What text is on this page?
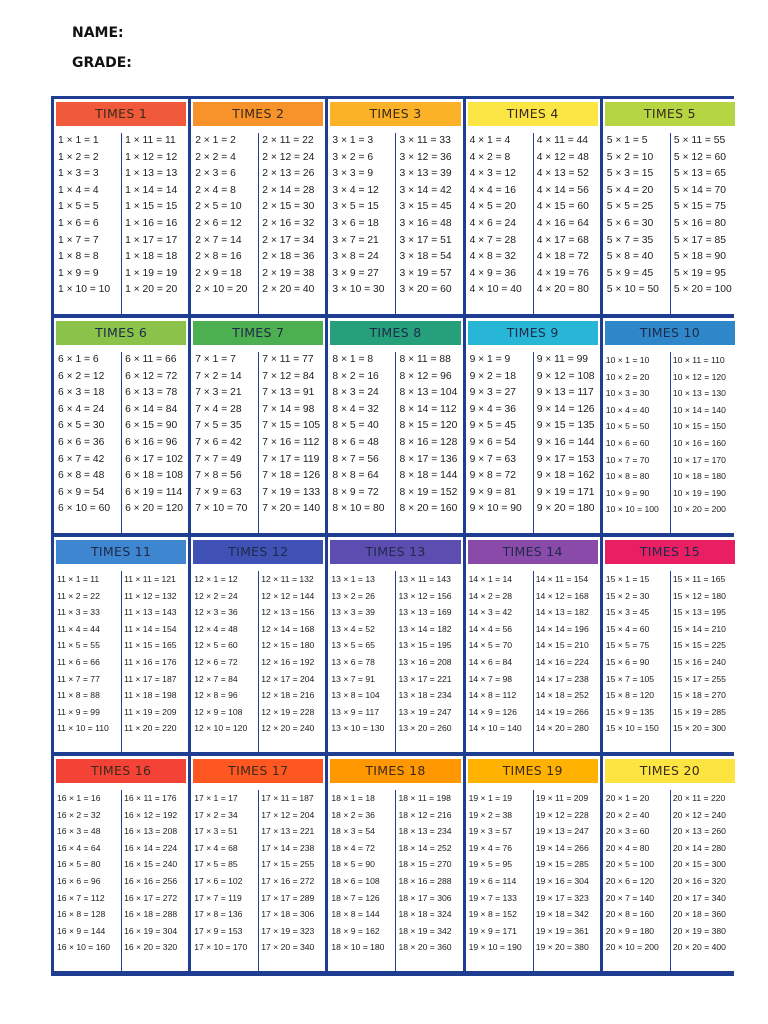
NAME:
GRADE:
TIMES 1
1 × 1 = 1
1 × 2 = 2
1 × 3 = 3
1 × 4 = 4
1 × 5 = 5
1 × 6 = 6
1 × 7 = 7
1 × 8 = 8
1 × 9 = 9
1 × 10 = 10
1 × 11 = 11
1 × 12 = 12
1 × 13 = 13
1 × 14 = 14
1 × 15 = 15
1 × 16 = 16
1 × 17 = 17
1 × 18 = 18
1 × 19 = 19
1 × 20 = 20
TIMES 2
2 × 1 = 2
2 × 2 = 4
2 × 3 = 6
2 × 4 = 8
2 × 5 = 10
2 × 6 = 12
2 × 7 = 14
2 × 8 = 16
2 × 9 = 18
2 × 10 = 20
2 × 11 = 22
2 × 12 = 24
2 × 13 = 26
2 × 14 = 28
2 × 15 = 30
2 × 16 = 32
2 × 17 = 34
2 × 18 = 36
2 × 19 = 38
2 × 20 = 40
TIMES 3
3 × 1 = 3
3 × 2 = 6
3 × 3 = 9
3 × 4 = 12
3 × 5 = 15
3 × 6 = 18
3 × 7 = 21
3 × 8 = 24
3 × 9 = 27
3 × 10 = 30
3 × 11 = 33
3 × 12 = 36
3 × 13 = 39
3 × 14 = 42
3 × 15 = 45
3 × 16 = 48
3 × 17 = 51
3 × 18 = 54
3 × 19 = 57
3 × 20 = 60
TIMES 4
4 × 1 = 4
4 × 2 = 8
4 × 3 = 12
4 × 4 = 16
4 × 5 = 20
4 × 6 = 24
4 × 7 = 28
4 × 8 = 32
4 × 9 = 36
4 × 10 = 40
4 × 11 = 44
4 × 12 = 48
4 × 13 = 52
4 × 14 = 56
4 × 15 = 60
4 × 16 = 64
4 × 17 = 68
4 × 18 = 72
4 × 19 = 76
4 × 20 = 80
TIMES 5
5 × 1 = 5
5 × 2 = 10
5 × 3 = 15
5 × 4 = 20
5 × 5 = 25
5 × 6 = 30
5 × 7 = 35
5 × 8 = 40
5 × 9 = 45
5 × 10 = 50
5 × 11 = 55
5 × 12 = 60
5 × 13 = 65
5 × 14 = 70
5 × 15 = 75
5 × 16 = 80
5 × 17 = 85
5 × 18 = 90
5 × 19 = 95
5 × 20 = 100
TIMES 6
6 × 1 = 6
6 × 2 = 12
6 × 3 = 18
6 × 4 = 24
6 × 5 = 30
6 × 6 = 36
6 × 7 = 42
6 × 8 = 48
6 × 9 = 54
6 × 10 = 60
6 × 11 = 66
6 × 12 = 72
6 × 13 = 78
6 × 14 = 84
6 × 15 = 90
6 × 16 = 96
6 × 17 = 102
6 × 18 = 108
6 × 19 = 114
6 × 20 = 120
TIMES 7
7 × 1 = 7
7 × 2 = 14
7 × 3 = 21
7 × 4 = 28
7 × 5 = 35
7 × 6 = 42
7 × 7 = 49
7 × 8 = 56
7 × 9 = 63
7 × 10 = 70
7 × 11 = 77
7 × 12 = 84
7 × 13 = 91
7 × 14 = 98
7 × 15 = 105
7 × 16 = 112
7 × 17 = 119
7 × 18 = 126
7 × 19 = 133
7 × 20 = 140
TIMES 8
8 × 1 = 8
8 × 2 = 16
8 × 3 = 24
8 × 4 = 32
8 × 5 = 40
8 × 6 = 48
8 × 7 = 56
8 × 8 = 64
8 × 9 = 72
8 × 10 = 80
8 × 11 = 88
8 × 12 = 96
8 × 13 = 104
8 × 14 = 112
8 × 15 = 120
8 × 16 = 128
8 × 17 = 136
8 × 18 = 144
8 × 19 = 152
8 × 20 = 160
TIMES 9
9 × 1 = 9
9 × 2 = 18
9 × 3 = 27
9 × 4 = 36
9 × 5 = 45
9 × 6 = 54
9 × 7 = 63
9 × 8 = 72
9 × 9 = 81
9 × 10 = 90
9 × 11 = 99
9 × 12 = 108
9 × 13 = 117
9 × 14 = 126
9 × 15 = 135
9 × 16 = 144
9 × 17 = 153
9 × 18 = 162
9 × 19 = 171
9 × 20 = 180
TIMES 10
10 × 1 = 10
10 × 2 = 20
10 × 3 = 30
10 × 4 = 40
10 × 5 = 50
10 × 6 = 60
10 × 7 = 70
10 × 8 = 80
10 × 9 = 90
10 × 10 = 100
10 × 11 = 110
10 × 12 = 120
10 × 13 = 130
10 × 14 = 140
10 × 15 = 150
10 × 16 = 160
10 × 17 = 170
10 × 18 = 180
10 × 19 = 190
10 × 20 = 200
TIMES 11
11 × 1 = 11
11 × 2 = 22
11 × 3 = 33
11 × 4 = 44
11 × 5 = 55
11 × 6 = 66
11 × 7 = 77
11 × 8 = 88
11 × 9 = 99
11 × 10 = 110
11 × 11 = 121
11 × 12 = 132
11 × 13 = 143
11 × 14 = 154
11 × 15 = 165
11 × 16 = 176
11 × 17 = 187
11 × 18 = 198
11 × 19 = 209
11 × 20 = 220
TIMES 12
12 × 1 = 12
12 × 2 = 24
12 × 3 = 36
12 × 4 = 48
12 × 5 = 60
12 × 6 = 72
12 × 7 = 84
12 × 8 = 96
12 × 9 = 108
12 × 10 = 120
12 × 11 = 132
12 × 12 = 144
12 × 13 = 156
12 × 14 = 168
12 × 15 = 180
12 × 16 = 192
12 × 17 = 204
12 × 18 = 216
12 × 19 = 228
12 × 20 = 240
TIMES 13
13 × 1 = 13
13 × 2 = 26
13 × 3 = 39
13 × 4 = 52
13 × 5 = 65
13 × 6 = 78
13 × 7 = 91
13 × 8 = 104
13 × 9 = 117
13 × 10 = 130
13 × 11 = 143
13 × 12 = 156
13 × 13 = 169
13 × 14 = 182
13 × 15 = 195
13 × 16 = 208
13 × 17 = 221
13 × 18 = 234
13 × 19 = 247
13 × 20 = 260
TIMES 14
14 × 1 = 14
14 × 2 = 28
14 × 3 = 42
14 × 4 = 56
14 × 5 = 70
14 × 6 = 84
14 × 7 = 98
14 × 8 = 112
14 × 9 = 126
14 × 10 = 140
14 × 11 = 154
14 × 12 = 168
14 × 13 = 182
14 × 14 = 196
14 × 15 = 210
14 × 16 = 224
14 × 17 = 238
14 × 18 = 252
14 × 19 = 266
14 × 20 = 280
TIMES 15
15 × 1 = 15
15 × 2 = 30
15 × 3 = 45
15 × 4 = 60
15 × 5 = 75
15 × 6 = 90
15 × 7 = 105
15 × 8 = 120
15 × 9 = 135
15 × 10 = 150
15 × 11 = 165
15 × 12 = 180
15 × 13 = 195
15 × 14 = 210
15 × 15 = 225
15 × 16 = 240
15 × 17 = 255
15 × 18 = 270
15 × 19 = 285
15 × 20 = 300
TIMES 16
16 × 1 = 16
16 × 2 = 32
16 × 3 = 48
16 × 4 = 64
16 × 5 = 80
16 × 6 = 96
16 × 7 = 112
16 × 8 = 128
16 × 9 = 144
16 × 10 = 160
16 × 11 = 176
16 × 12 = 192
16 × 13 = 208
16 × 14 = 224
16 × 15 = 240
16 × 16 = 256
16 × 17 = 272
16 × 18 = 288
16 × 19 = 304
16 × 20 = 320
TIMES 17
17 × 1 = 17
17 × 2 = 34
17 × 3 = 51
17 × 4 = 68
17 × 5 = 85
17 × 6 = 102
17 × 7 = 119
17 × 8 = 136
17 × 9 = 153
17 × 10 = 170
17 × 11 = 187
17 × 12 = 204
17 × 13 = 221
17 × 14 = 238
17 × 15 = 255
17 × 16 = 272
17 × 17 = 289
17 × 18 = 306
17 × 19 = 323
17 × 20 = 340
TIMES 18
18 × 1 = 18
18 × 2 = 36
18 × 3 = 54
18 × 4 = 72
18 × 5 = 90
18 × 6 = 108
18 × 7 = 126
18 × 8 = 144
18 × 9 = 162
18 × 10 = 180
18 × 11 = 198
18 × 12 = 216
18 × 13 = 234
18 × 14 = 252
18 × 15 = 270
18 × 16 = 288
18 × 17 = 306
18 × 18 = 324
18 × 19 = 342
18 × 20 = 360
TIMES 19
19 × 1 = 19
19 × 2 = 38
19 × 3 = 57
19 × 4 = 76
19 × 5 = 95
19 × 6 = 114
19 × 7 = 133
19 × 8 = 152
19 × 9 = 171
19 × 10 = 190
19 × 11 = 209
19 × 12 = 228
19 × 13 = 247
19 × 14 = 266
19 × 15 = 285
19 × 16 = 304
19 × 17 = 323
19 × 18 = 342
19 × 19 = 361
19 × 20 = 380
TIMES 20
20 × 1 = 20
20 × 2 = 40
20 × 3 = 60
20 × 4 = 80
20 × 5 = 100
20 × 6 = 120
20 × 7 = 140
20 × 8 = 160
20 × 9 = 180
20 × 10 = 200
20 × 11 = 220
20 × 12 = 240
20 × 13 = 260
20 × 14 = 280
20 × 15 = 300
20 × 16 = 320
20 × 17 = 340
20 × 18 = 360
20 × 19 = 380
20 × 20 = 400
